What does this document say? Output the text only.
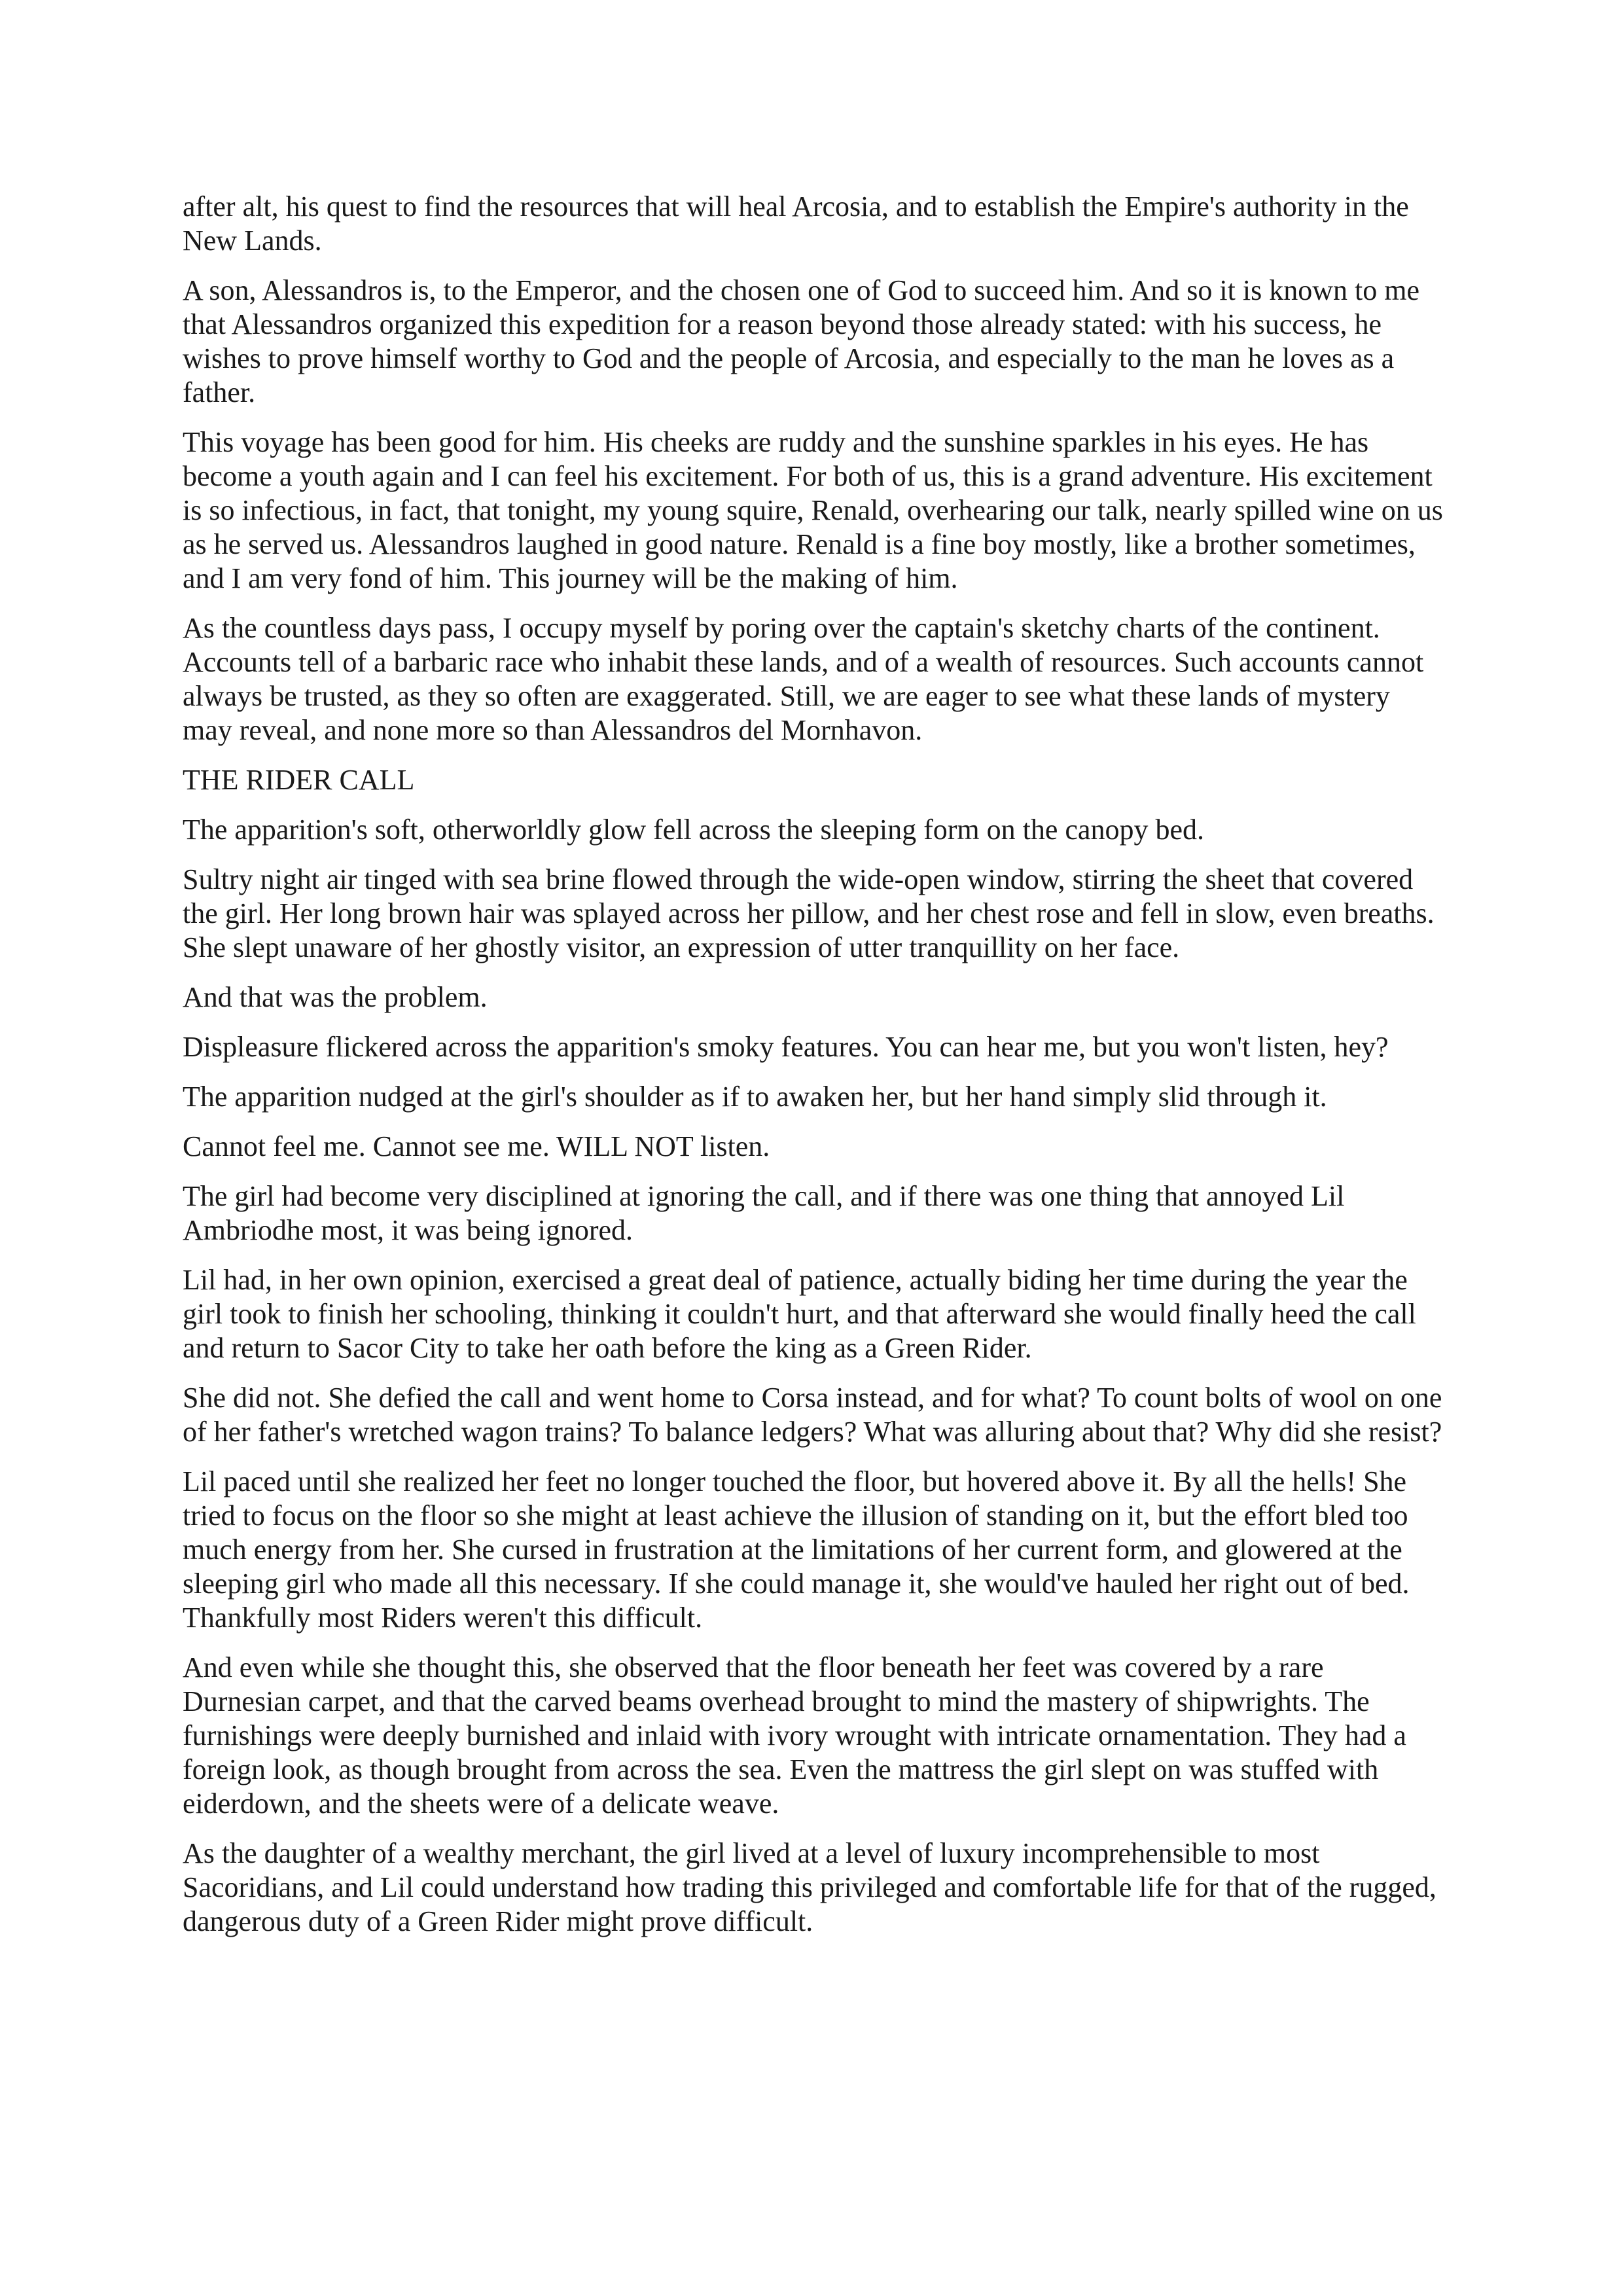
after alt, his quest to find the resources that will heal Arcosia, and to establish the Empire's authority in the New Lands.

A son, Alessandros is, to the Emperor, and the chosen one of God to succeed him. And so it is known to me that Alessandros organized this expedition for a reason beyond those already stated: with his success, he wishes to prove himself worthy to God and the people of Arcosia, and especially to the man he loves as a father.

This voyage has been good for him. His cheeks are ruddy and the sunshine sparkles in his eyes. He has become a youth again and I can feel his excitement. For both of us, this is a grand adventure. His excitement is so infectious, in fact, that tonight, my young squire, Renald, overhearing our talk, nearly spilled wine on us as he served us. Alessandros laughed in good nature. Renald is a fine boy mostly, like a brother sometimes, and I am very fond of him. This journey will be the making of him.

As the countless days pass, I occupy myself by poring over the captain's sketchy charts of the continent. Accounts tell of a barbaric race who inhabit these lands, and of a wealth of resources. Such accounts cannot always be trusted, as they so often are exaggerated. Still, we are eager to see what these lands of mystery may reveal, and none more so than Alessandros del Mornhavon.

THE RIDER CALL

The apparition's soft, otherworldly glow fell across the sleeping form on the canopy bed.

Sultry night air tinged with sea brine flowed through the wide-open window, stirring the sheet that covered the girl. Her long brown hair was splayed across her pillow, and her chest rose and fell in slow, even breaths. She slept unaware of her ghostly visitor, an expression of utter tranquillity on her face.

And that was the problem.

Displeasure flickered across the apparition's smoky features. You can hear me, but you won't listen, hey?

The apparition nudged at the girl's shoulder as if to awaken her, but her hand simply slid through it.

Cannot feel me. Cannot see me. WILL NOT listen.

The girl had become very disciplined at ignoring the call, and if there was one thing that annoyed Lil Ambriodhe most, it was being ignored.

Lil had, in her own opinion, exercised a great deal of patience, actually biding her time during the year the girl took to finish her schooling, thinking it couldn't hurt, and that afterward she would finally heed the call and return to Sacor City to take her oath before the king as a Green Rider.

She did not. She defied the call and went home to Corsa instead, and for what? To count bolts of wool on one of her father's wretched wagon trains? To balance ledgers? What was alluring about that? Why did she resist?

Lil paced until she realized her feet no longer touched the floor, but hovered above it. By all the hells! She tried to focus on the floor so she might at least achieve the illusion of standing on it, but the effort bled too much energy from her. She cursed in frustration at the limitations of her current form, and glowered at the sleeping girl who made all this necessary. If she could manage it, she would've hauled her right out of bed. Thankfully most Riders weren't this difficult.

And even while she thought this, she observed that the floor beneath her feet was covered by a rare Durnesian carpet, and that the carved beams overhead brought to mind the mastery of shipwrights. The furnishings were deeply burnished and inlaid with ivory wrought with intricate ornamentation. They had a foreign look, as though brought from across the sea. Even the mattress the girl slept on was stuffed with eiderdown, and the sheets were of a delicate weave.

As the daughter of a wealthy merchant, the girl lived at a level of luxury incomprehensible to most Sacoridians, and Lil could understand how trading this privileged and comfortable life for that of the rugged, dangerous duty of a Green Rider might prove difficult.
